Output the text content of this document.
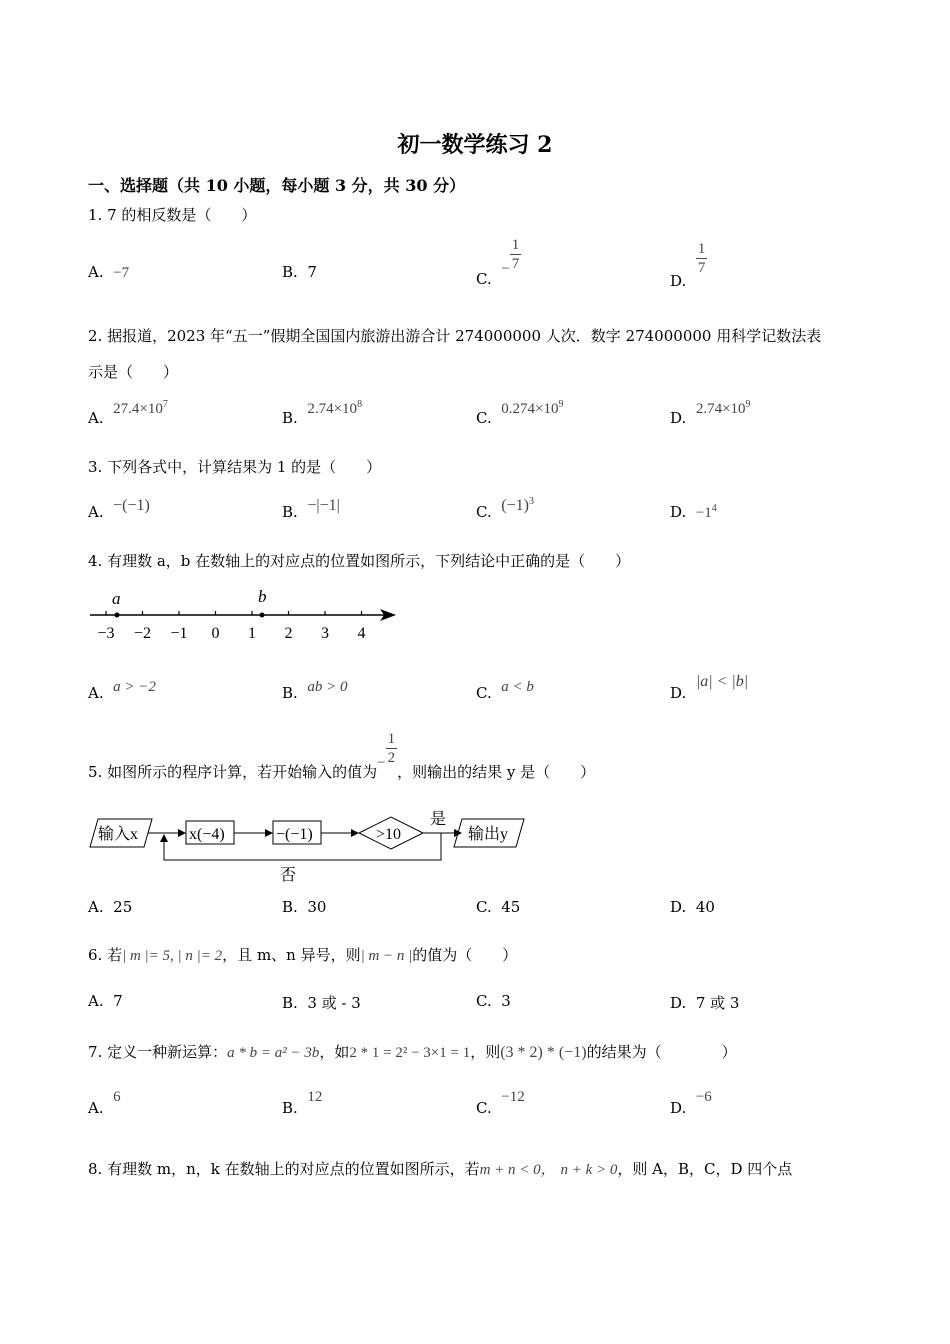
初一数学练习 2
一、选择题（共 10 小题，每小题 3 分，共 30 分）
1. 7 的相反数是（　　）
A. −7	B. 7	C.  − $\frac{1}{7}$
D.
$\frac{1}{7}$
2. 据报道，2023 年“五一”假期全国国内旅游出游合计 274000000 人次．数字 274000000 用科学记数法表
示是（　　）
A. $27.4\times 10^7$
B. $2.74\times 10^8$
C. $0.274\times 10^9$
D. $2.74\times 10^9$
3. 下列各式中，计算结果为 1 的是（　　）
A. −(−1)	B. −|−1|	C. $(-1)^3$
D. $-1^4$
4. 有理数 a，b 在数轴上的对应点的位置如图所示，下列结论中正确的是（　　）
−3 −2 −1 0 1 2 3 4
a	b
A. a > −2	B. ab > 0	C. a < b	D.  |a| < |b|
5. 如图所示的程序计算，若开始输入的值为− $\frac{1}{2}$
，则输出的结果 y 是（　　）
输入x	x(−4)	−(−1)	>10
是
输出y
否
A. 25	B. 30	C. 45	D. 40
6. 若| m |= 5, | n |= 2，且 m、n 异号，则| m − n |的值为（　　）
A. 7	B. 3 或 - 3	C. 3	D. 7 或 3
7. 定义一种新运算：a * b = a² − 3b，如2 * 1 = 2² − 3×1 = 1，则(3 * 2) * (−1)的结果为（　　　　）
A.  6
B.  12
C.  −12
D.  −6
8. 有理数 m，n，k 在数轴上的对应点的位置如图所示，若m + n < 0， n + k > 0，则 A，B，C，D 四个点
